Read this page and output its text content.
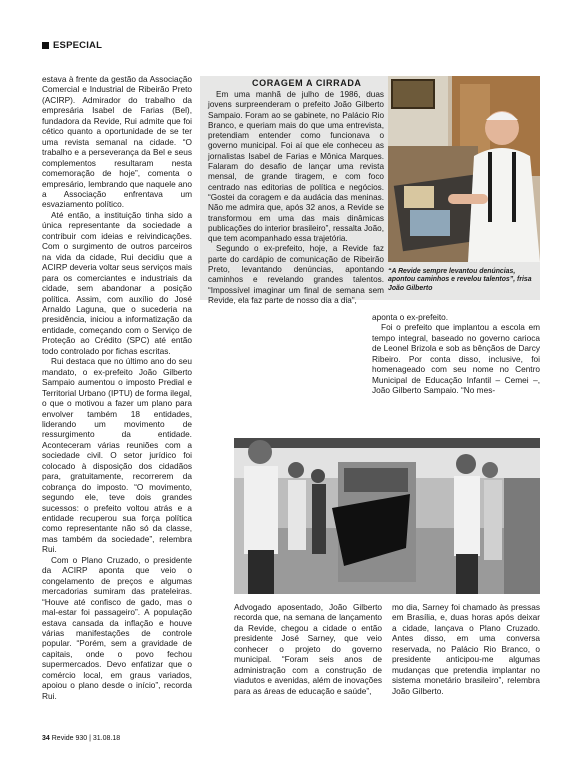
ESPECIAL

estava à frente da gestão da Associação Comercial e Industrial de Ribeirão Preto (ACIRP). Admirador do trabalho da empresária Isabel de Farias (Bel), fundadora da Revide, Rui admite que foi cético quanto a oportunidade de se ter uma revista semanal na cidade. “O trabalho e a perseverança da Bel e seus complementos resultaram nesta comemoração de hoje”, comenta o empresário, lembrando que naquele ano a Associação enfrentava um esvaziamento político.

Até então, a instituição tinha sido a única representante da sociedade a contribuir com ideias e reivindicações. Com o surgimento de outros parceiros na vida da cidade, Rui decidiu que a ACIRP deveria voltar seus serviços mais para os comerciantes e industriais da cidade, sem abandonar a posição política. Assim, com auxílio do José Arnaldo Laguna, que o sucederia na presidência, iniciou a informatização da entidade, começando com o Serviço de Proteção ao Crédito (SPC) até então todo controlado por fichas escritas.

Rui destaca que no último ano do seu mandato, o ex-prefeito João Gilberto Sampaio aumentou o imposto Predial e Territorial Urbano (IPTU) de forma ilegal, o que o motivou a fazer um plano para envolver também 18 entidades, liderando um movimento de ressurgimento da entidade. Aconteceram várias reuniões com a sociedade civil. O setor jurídico foi colocado à disposição dos cidadãos para, gratuitamente, recorrerem da cobrança do imposto. “O movimento, segundo ele, teve dois grandes sucessos: o prefeito voltou atrás e a entidade recuperou sua força política como representante não só da classe, mas também da sociedade”, relembra Rui.

Com o Plano Cruzado, o presidente da ACIRP aponta que veio o congelamento de preços e algumas mercadorias sumiram das prateleiras. “Houve até confisco de gado, mas o mal-estar foi passageiro”. A população estava cansada da inflação e houve várias manifestações de controle popular. “Porém, sem a gravidade de capitais, onde o povo fechou supermercados. Devo enfatizar que o comércio local, em graus variados, apoiou o plano desde o início”, recorda Rui.

CORAGEM A CIRRADA

Em uma manhã de julho de 1986, duas jovens surpreenderam o prefeito João Gilberto Sampaio. Foram ao se gabinete, no Palácio Rio Branco, e queriam mais do que uma entrevista, pretendiam entender como funcionava o governo municipal. Foi aí que ele conheceu as jornalistas Isabel de Farias e Mônica Marques. Falaram do desafio de lançar uma revista mensal, de grande tiragem, e com foco centrado nas editorias de política e negócios. “Gostei da coragem e da audácia das meninas. Não me admira que, após 32 anos, a Revide se transformou em uma das mais dinâmicas publicações do interior brasileiro”, ressalta João, que tem acompanhado essa trajetória.

Segundo o ex-prefeito, hoje, a Revide faz parte do cardápio de comunicação de Ribeirão Preto, levantando denúncias, apontando caminhos e revelando grandes talentos. “Impossível imaginar um final de semana sem Revide, ela faz parte de nosso dia a dia”,

“A Revide sempre levantou denúncias, apontou caminhos e revelou talentos”, frisa João Gilberto

aponta o ex-prefeito.

Foi o prefeito que implantou a escola em tempo integral, baseado no governo carioca de Leonel Brizola e sob as bênçãos de Darcy Ribeiro. Por conta disso, inclusive, foi homenageado com seu nome no Centro Municipal de Educação Infantil – Cemei –, João Gilberto Sampaio. “No mes-

Advogado aposentado, João Gilberto recorda que, na semana de lançamento da Revide, chegou a cidade o então presidente José Sarney, que veio conhecer o projeto do governo municipal. “Foram seis anos de administração com a construção de viadutos e avenidas, além de inovações para as áreas de educação e saúde”,

mo dia, Sarney foi chamado às pressas em Brasília, e, duas horas após deixar a cidade, lançava o Plano Cruzado. Antes disso, em uma conversa reservada, no Palácio Rio Branco, o presidente anticipou-me algumas mudanças que pretendia implantar no sistema monetário brasileiro”, relembra João Gilberto.

34 Revide 930 | 31.08.18
